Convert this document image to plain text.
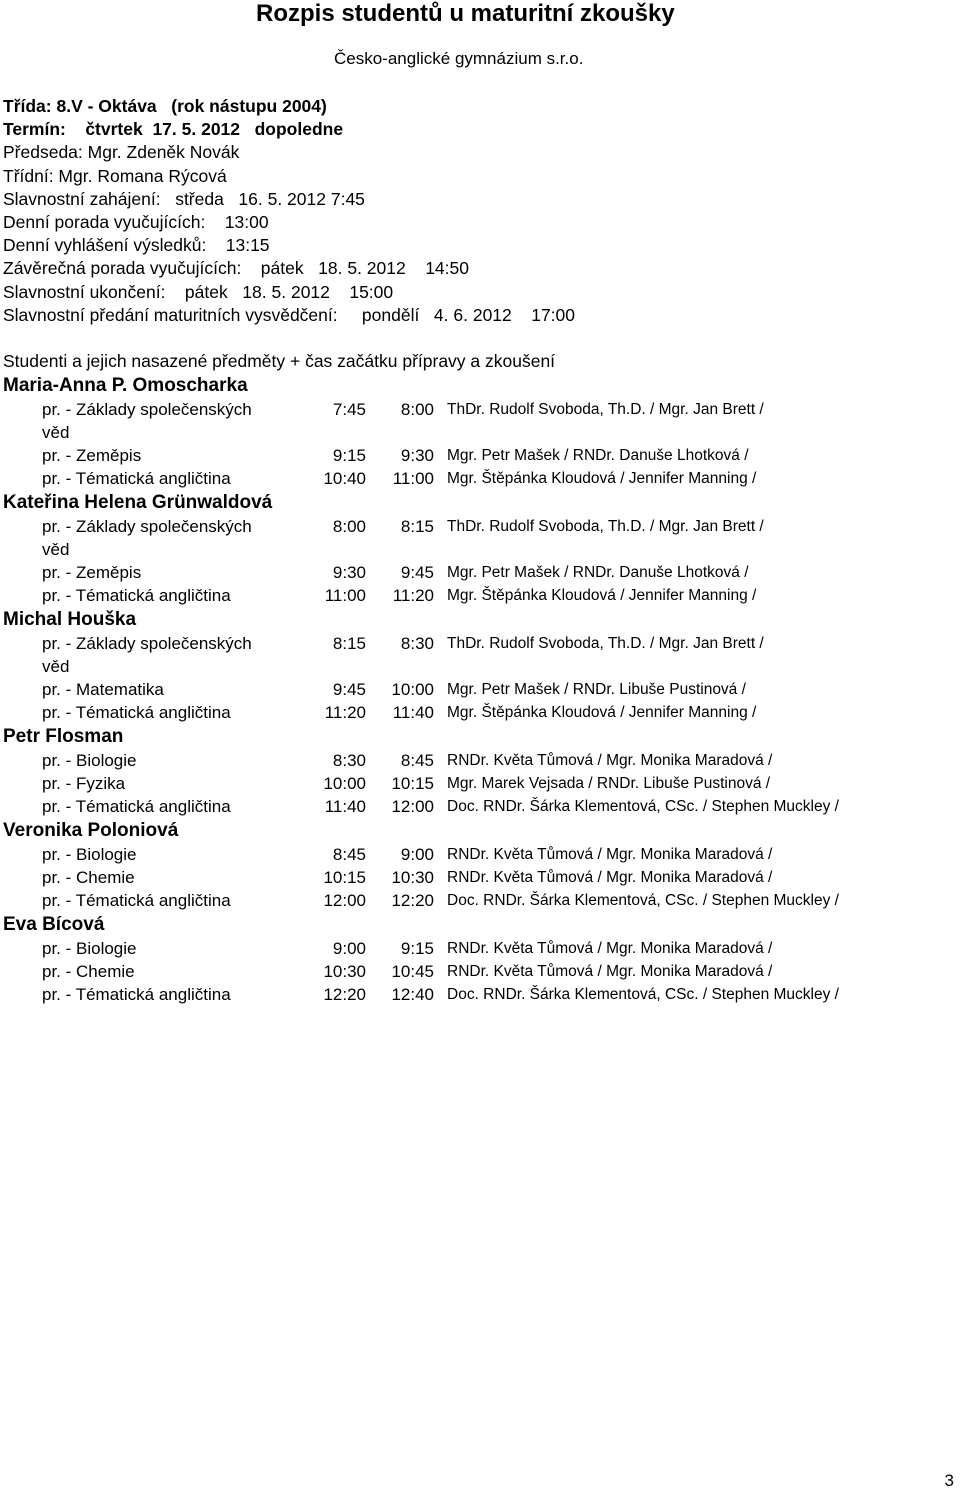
Rozpis studentů u maturitní zkoušky
Česko-anglické gymnázium s.r.o.
Třída: 8.V - Oktáva   (rok nástupu 2004)
Termín:    čtvrtek  17. 5. 2012   dopoledne
Předseda: Mgr. Zdeněk Novák
Třídní: Mgr. Romana Rýcová
Slavnostní zahájení:   středa   16. 5. 2012 7:45
Denní porada vyučujících:    13:00
Denní vyhlášení výsledků:    13:15
Závěrečná porada vyučujících:    pátek   18. 5. 2012    14:50
Slavnostní ukončení:    pátek   18. 5. 2012    15:00
Slavnostní předání maturitních vysvědčení:     pondělí   4. 6. 2012    17:00
Studenti a jejich nasazené předměty + čas začátku přípravy a zkoušení
Maria-Anna P. Omoscharka
pr. - Základy společenských	7:45	8:00 ThDr. Rudolf Svoboda, Th.D. / Mgr. Jan Brett /
věd
pr. - Zeměpis	9:15	9:30 Mgr. Petr Mašek / RNDr. Danuše Lhotková /
pr. - Tématická angličtina	10:40	11:00 Mgr. Štěpánka Kloudová / Jennifer Manning /
Kateřina Helena Grünwaldová
pr. - Základy společenských	8:00	8:15 ThDr. Rudolf Svoboda, Th.D. / Mgr. Jan Brett /
věd
pr. - Zeměpis	9:30	9:45 Mgr. Petr Mašek / RNDr. Danuše Lhotková /
pr. - Tématická angličtina	11:00	11:20 Mgr. Štěpánka Kloudová / Jennifer Manning /
Michal Houška
pr. - Základy společenských	8:15	8:30 ThDr. Rudolf Svoboda, Th.D. / Mgr. Jan Brett /
věd
pr. - Matematika	9:45	10:00 Mgr. Petr Mašek / RNDr. Libuše Pustinová /
pr. - Tématická angličtina	11:20	11:40 Mgr. Štěpánka Kloudová / Jennifer Manning /
Petr Flosman
pr. - Biologie	8:30	8:45 RNDr. Květa Tůmová / Mgr. Monika Maradová /
pr. - Fyzika	10:00	10:15 Mgr. Marek Vejsada / RNDr. Libuše Pustinová /
pr. - Tématická angličtina	11:40	12:00 Doc. RNDr. Šárka Klementová, CSc. / Stephen Muckley /
Veronika Poloniová
pr. - Biologie	8:45	9:00 RNDr. Květa Tůmová / Mgr. Monika Maradová /
pr. - Chemie	10:15	10:30 RNDr. Květa Tůmová / Mgr. Monika Maradová /
pr. - Tématická angličtina	12:00	12:20 Doc. RNDr. Šárka Klementová, CSc. / Stephen Muckley /
Eva Bícová
pr. - Biologie	9:00	9:15 RNDr. Květa Tůmová / Mgr. Monika Maradová /
pr. - Chemie	10:30	10:45 RNDr. Květa Tůmová / Mgr. Monika Maradová /
pr. - Tématická angličtina	12:20	12:40 Doc. RNDr. Šárka Klementová, CSc. / Stephen Muckley /
3
